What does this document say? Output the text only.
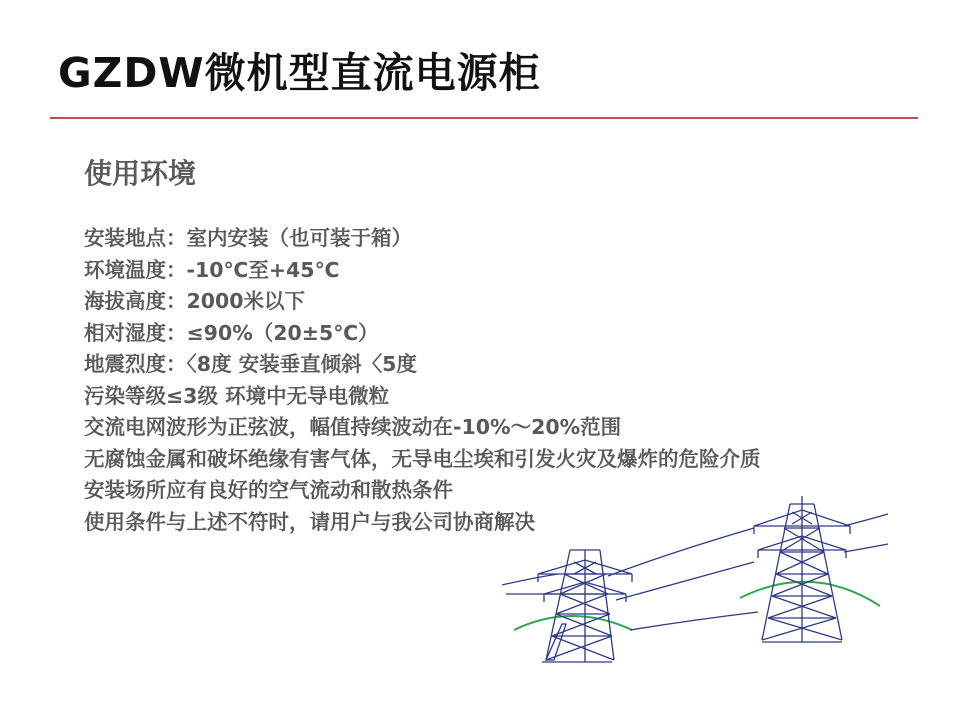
GZDW微机型直流电源柜
使用环境
安装地点：室内安装（也可装于箱）
环境温度：-10℃至+45℃
海拔高度：2000米以下
相对湿度：≤90%（20±5℃）
地震烈度：〈8度 安装垂直倾斜〈5度
污染等级≤3级 环境中无导电微粒
交流电网波形为正弦波，幅值持续波动在-10%～20%范围
无腐蚀金属和破坏绝缘有害气体，无导电尘埃和引发火灾及爆炸的危险介质
安装场所应有良好的空气流动和散热条件
使用条件与上述不符时，请用户与我公司协商解决
